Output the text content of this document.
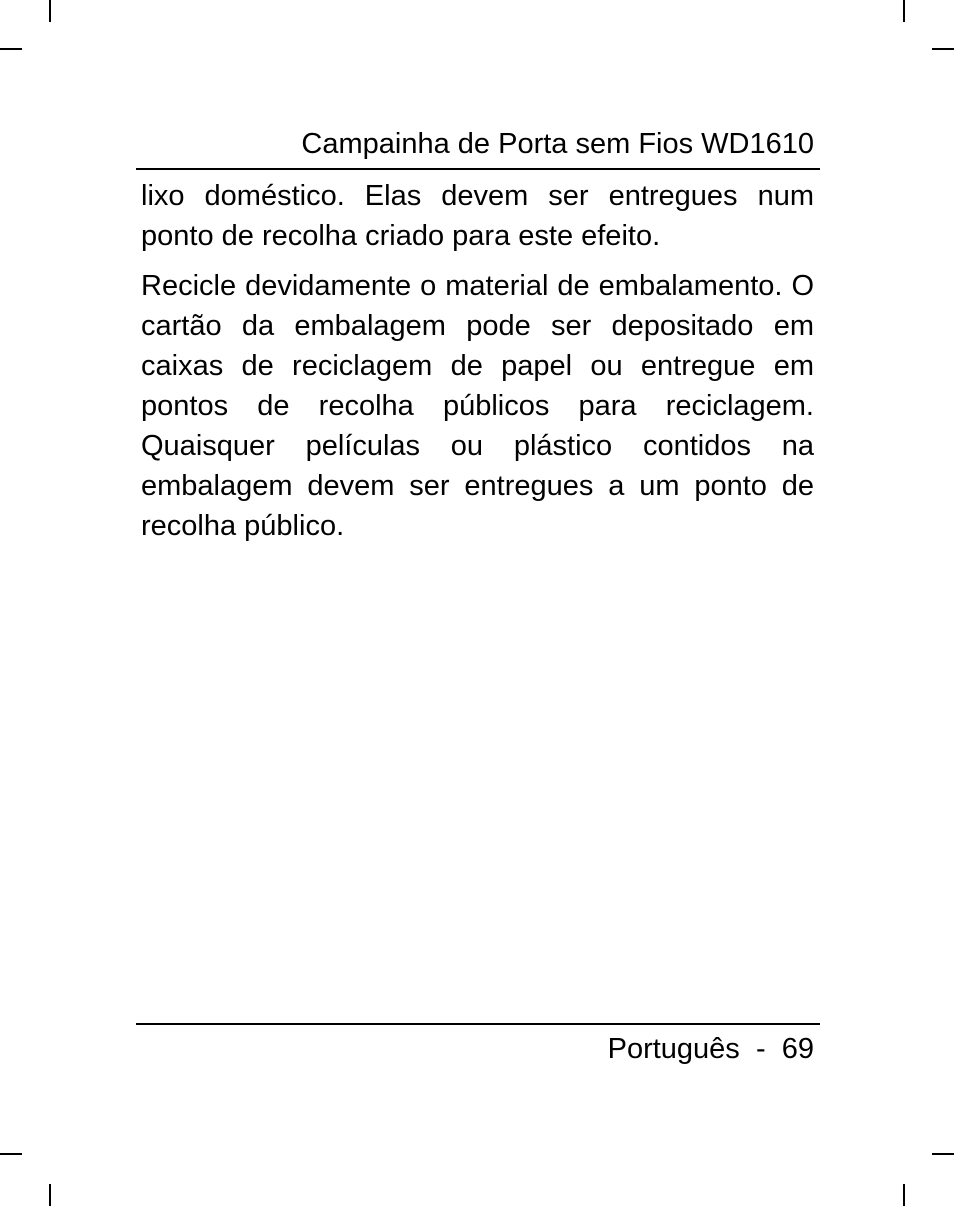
Campainha de Porta sem Fios WD1610

lixo doméstico. Elas devem ser entregues num ponto de recolha criado para este efeito.

Recicle devidamente o material de embalamento. O cartão da embalagem pode ser depositado em caixas de reciclagem de papel ou entregue em pontos de recolha públicos para reciclagem. Quaisquer películas ou plástico contidos na embalagem devem ser entregues a um ponto de recolha público.

Português - 69
